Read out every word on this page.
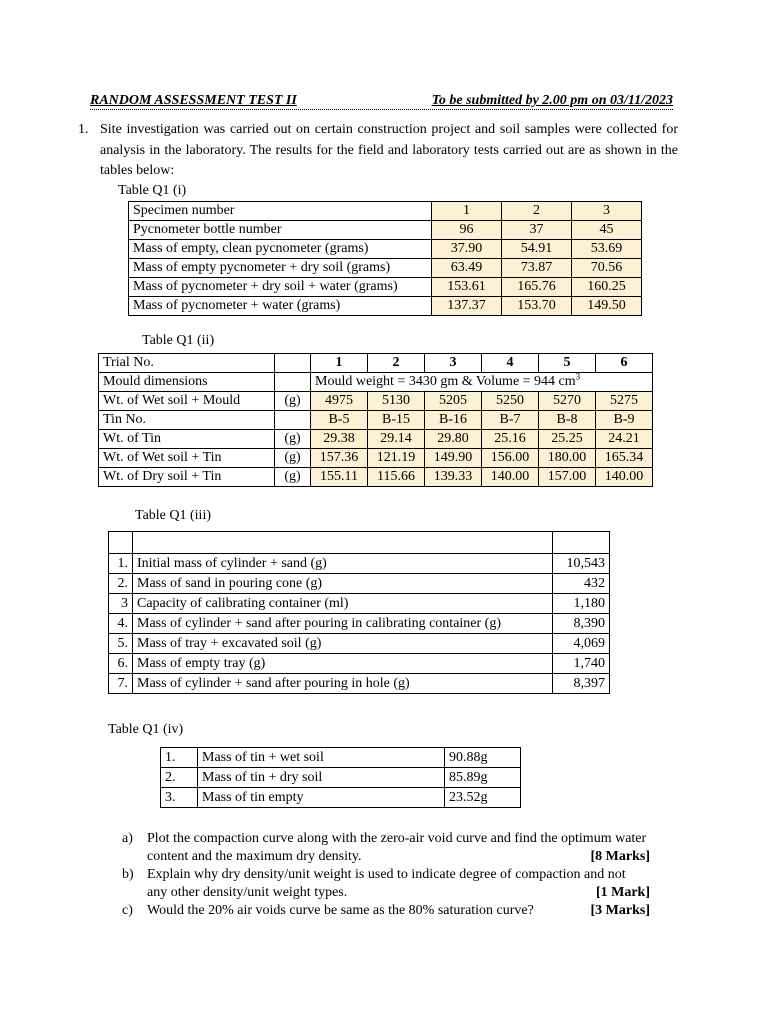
RANDOM ASSESSMENT TEST II	To be submitted by 2.00 pm on 03/11/2023
1. Site investigation was carried out on certain construction project and soil samples were collected for analysis in the laboratory. The results for the field and laboratory tests carried out are as shown in the tables below:
Table Q1 (i)
Specimen number	1	2	3
Pycnometer bottle number	96	37	45
Mass of empty, clean pycnometer (grams)	37.90	54.91	53.69
Mass of empty pycnometer + dry soil (grams)	63.49	73.87	70.56
Mass of pycnometer + dry soil + water (grams)	153.61	165.76	160.25
Mass of pycnometer + water (grams)	137.37	153.70	149.50
Table Q1 (ii)
Trial No.		1	2	3	4	5	6
Mould dimensions		Mould weight = 3430 gm & Volume = 944 $cm^3$
Wt. of Wet soil + Mould	(g)	4975	5130	5205	5250	5270	5275
Tin No.		B-5	B-15	B-16	B-7	B-8	B-9
Wt. of Tin	(g)	29.38	29.14	29.80	25.16	25.25	24.21
Wt. of Wet soil + Tin	(g)	157.36	121.19	149.90	156.00	180.00	165.34
Wt. of Dry soil + Tin	(g)	155.11	115.66	139.33	140.00	157.00	140.00
Table Q1 (iii)

1.	Initial mass of cylinder + sand (g)	10,543
2.	Mass of sand in pouring cone (g)	432
3	Capacity of calibrating container (ml)	1,180
4.	Mass of cylinder + sand after pouring in calibrating container (g)	8,390
5.	Mass of tray + excavated soil (g)	4,069
6.	Mass of empty tray (g)	1,740
7.	Mass of cylinder + sand after pouring in hole (g)	8,397
Table Q1 (iv)
1.	Mass of tin + wet soil	90.88g
2.	Mass of tin + dry soil	85.89g
3.	Mass of tin empty	23.52g
a) Plot the compaction curve along with the zero-air void curve and find the optimum water
content and the maximum dry density.	[8 Marks]
b) Explain why dry density/unit weight is used to indicate degree of compaction and not
any other density/unit weight types.	[1 Mark]
c) Would the 20% air voids curve be same as the 80% saturation curve?	[3 Marks]
